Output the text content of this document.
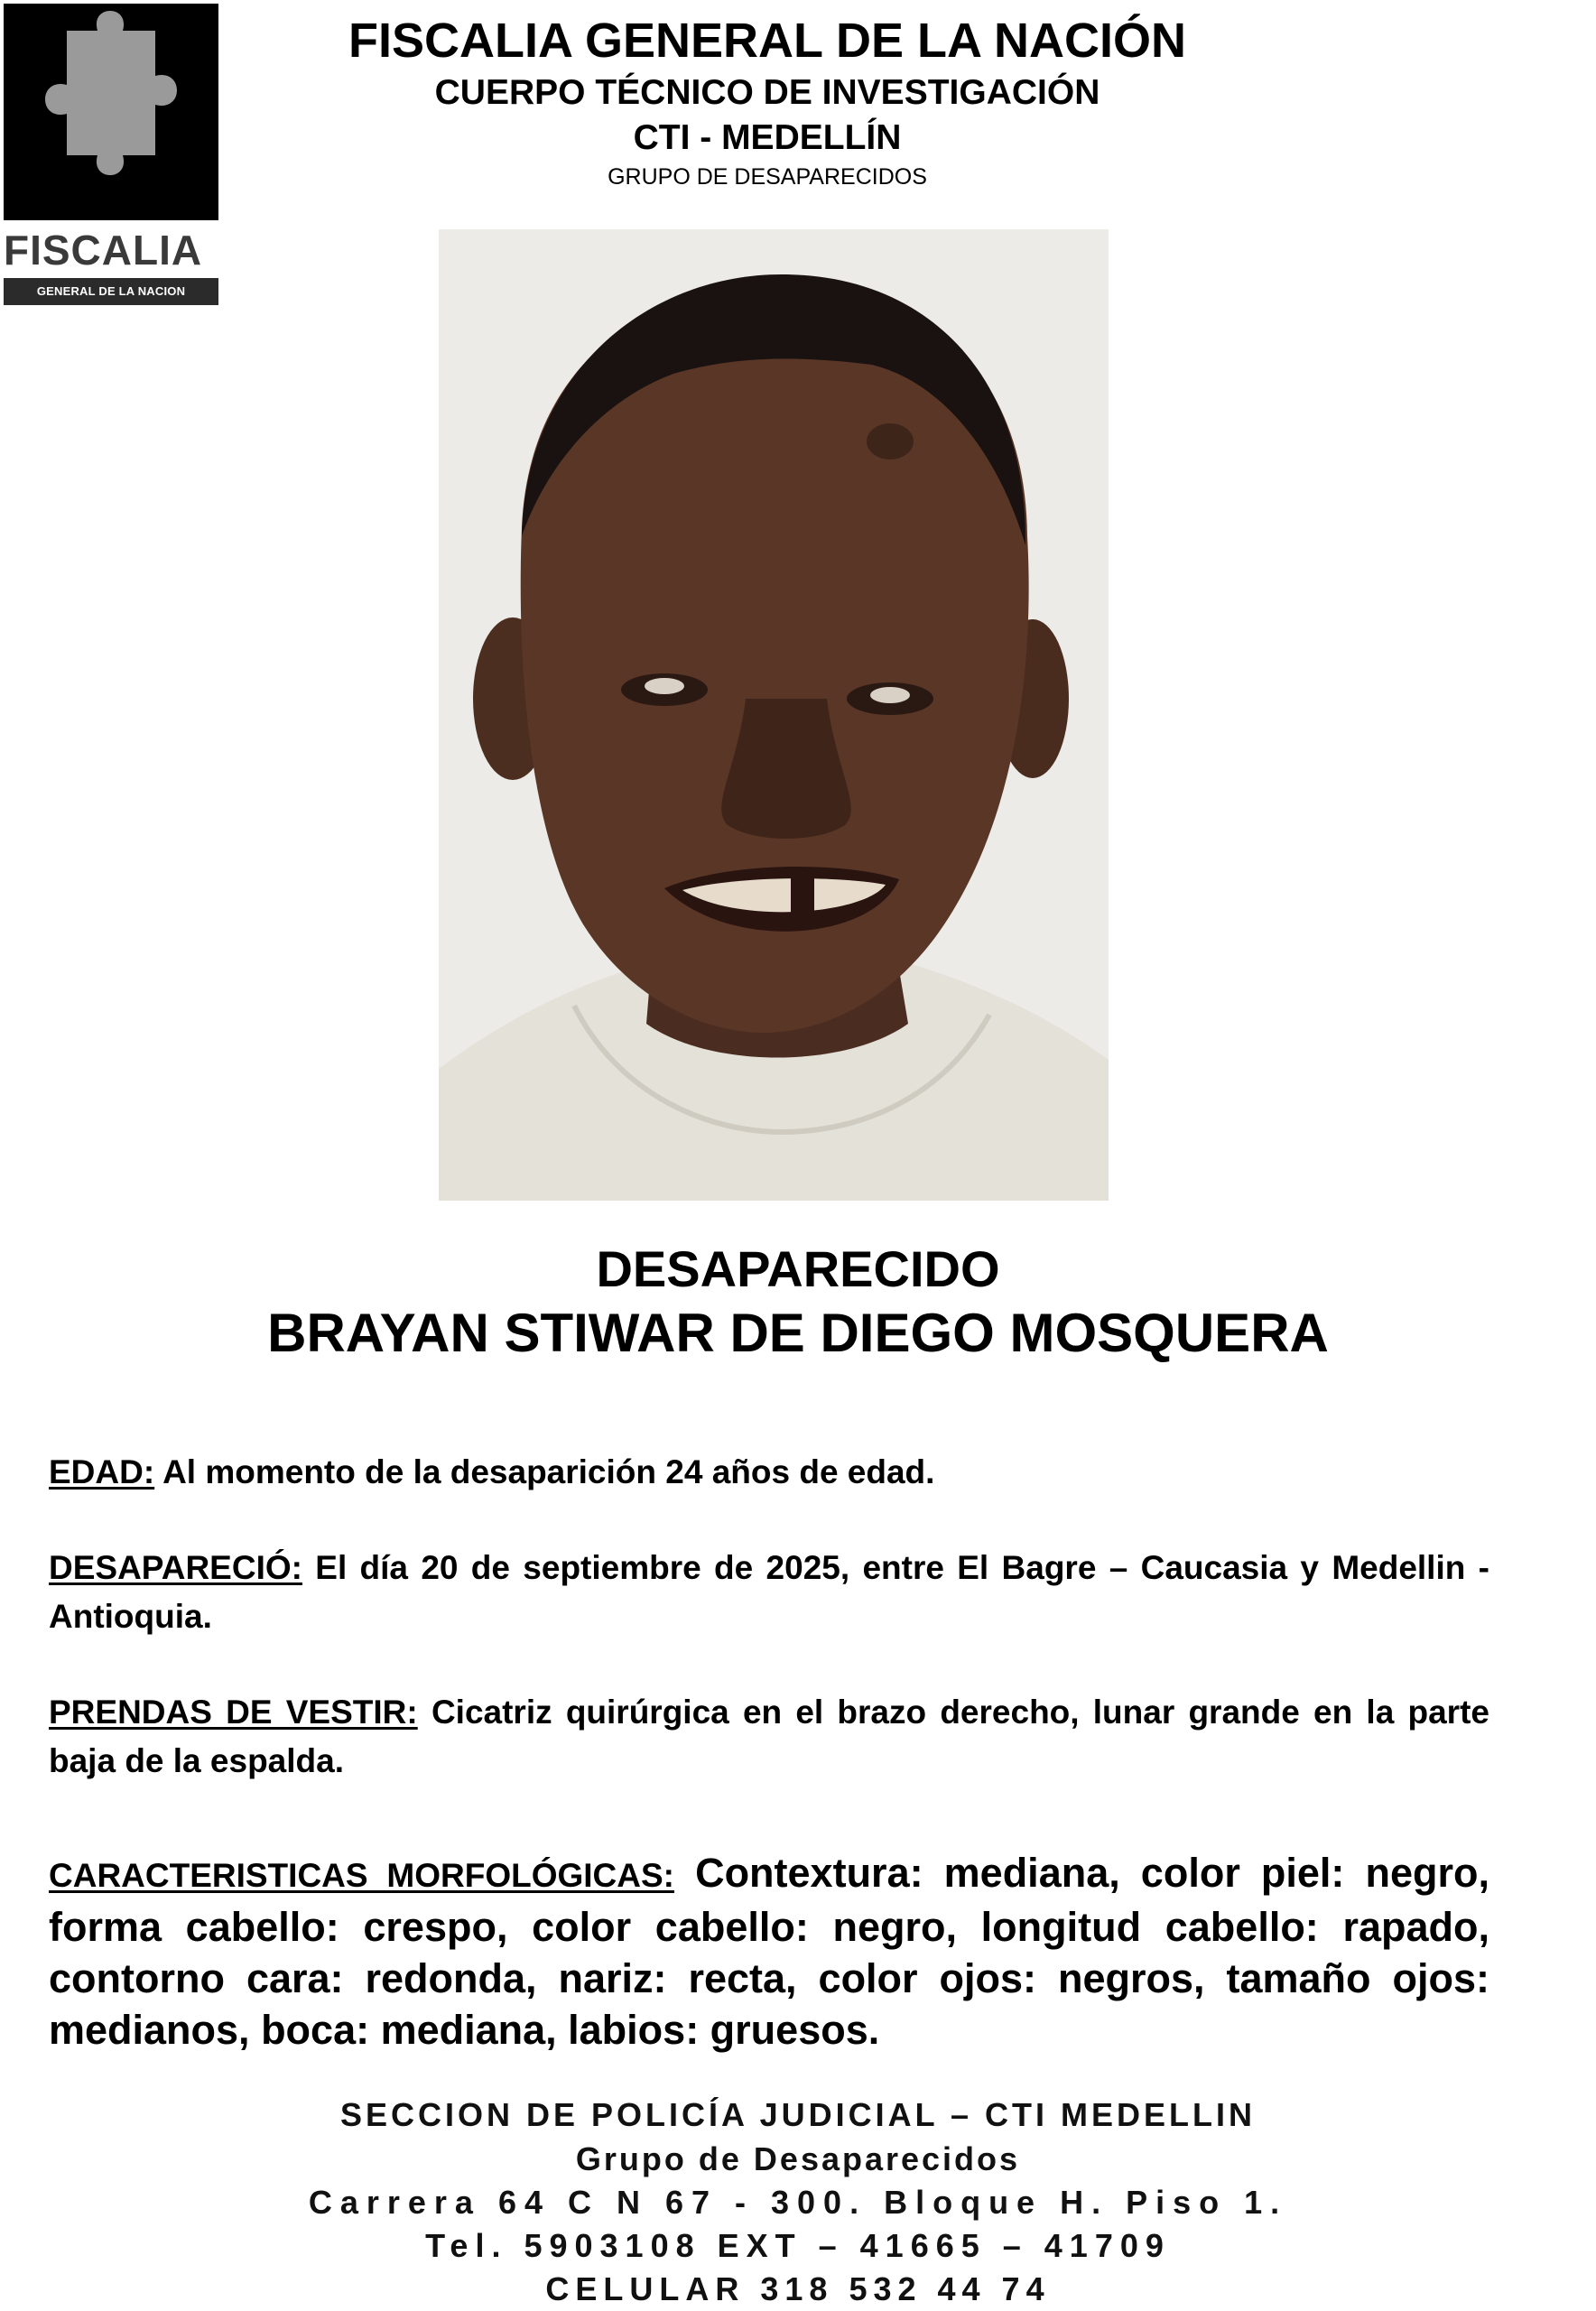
FISCALIA
GENERAL DE LA NACION
FISCALIA GENERAL DE LA NACIÓN
CUERPO TÉCNICO DE INVESTIGACIÓN
CTI - MEDELLÍN
GRUPO DE DESAPARECIDOS
DESAPARECIDO
BRAYAN STIWAR DE DIEGO MOSQUERA
EDAD: Al momento de la desaparición 24 años de edad.
DESAPARECIÓ: El día 20 de septiembre de 2025, entre El Bagre – Caucasia y Medellin - Antioquia.
PRENDAS DE VESTIR: Cicatriz quirúrgica en el brazo derecho, lunar grande en la parte baja de la espalda.
CARACTERISTICAS MORFOLÓGICAS: Contextura: mediana, color piel: negro, forma cabello: crespo, color cabello: negro, longitud cabello: rapado, contorno cara: redonda, nariz: recta, color ojos: negros, tamaño ojos: medianos, boca: mediana, labios: gruesos.
SECCION DE POLICÍA JUDICIAL – CTI MEDELLIN
Grupo de Desaparecidos
Carrera 64 C N 67 - 300. Bloque H. Piso 1.
Tel. 5903108 EXT – 41665 – 41709
CELULAR 318 532 44 74
